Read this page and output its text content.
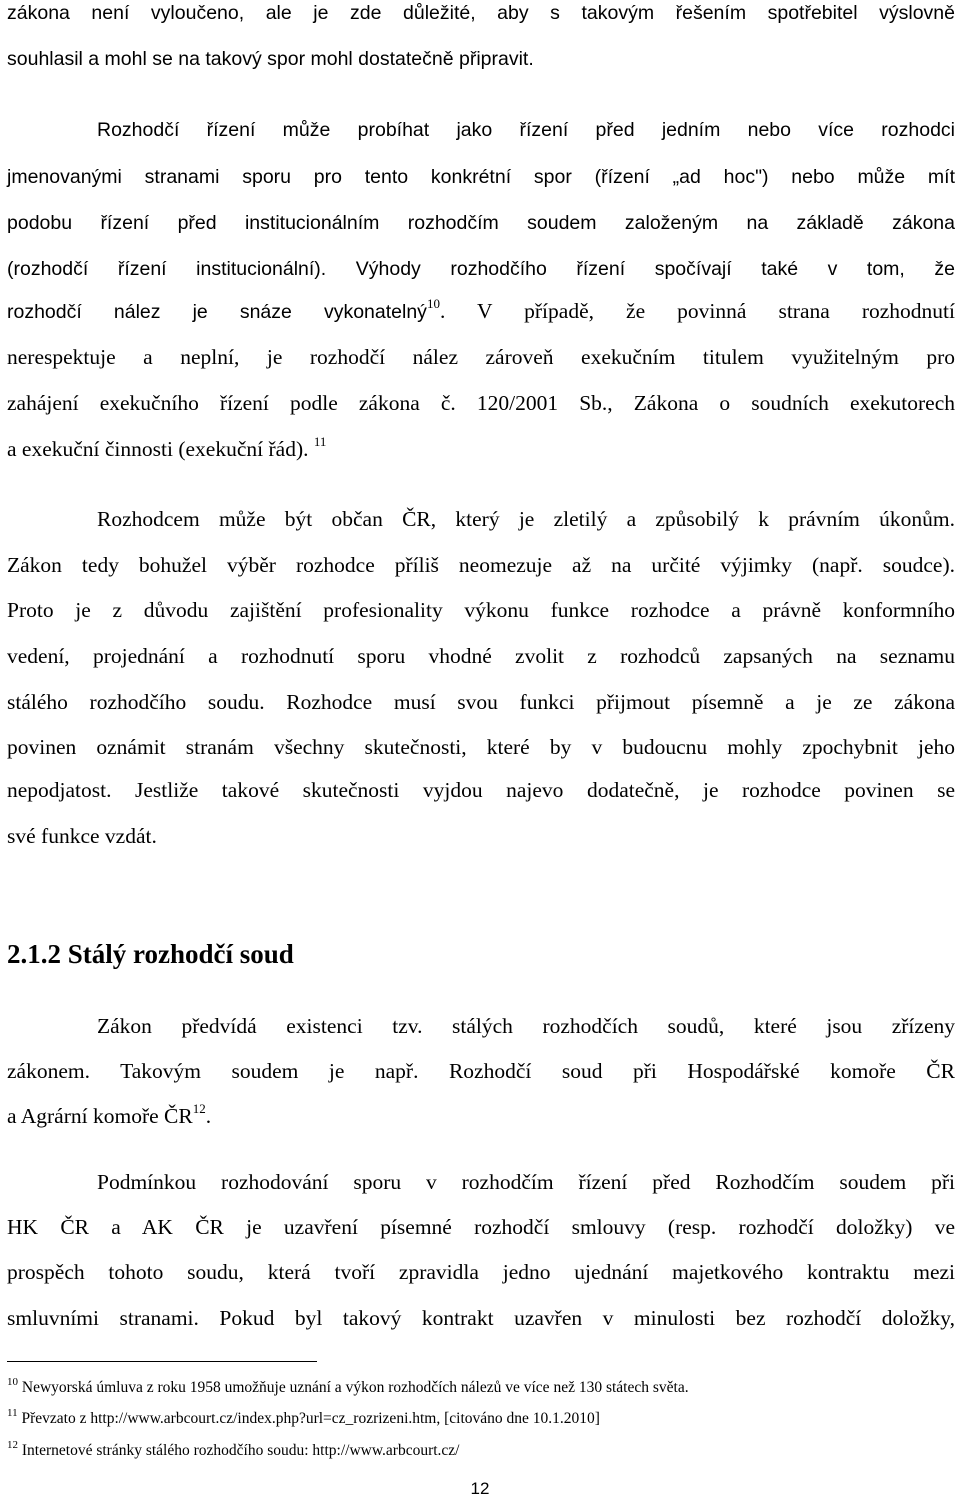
zákona není vyloučeno, ale je zde důležité, aby s takovým řešením spotřebitel výslovně
souhlasil a mohl se na takový spor mohl dostatečně připravit.
Rozhodčí řízení může probíhat jako řízení před jedním nebo více rozhodci
jmenovanými stranami sporu pro tento konkrétní spor (řízení „ad hoc") nebo může mít
podobu řízení před institucionálním rozhodčím soudem založeným na základě zákona
(rozhodčí řízení institucionální). Výhody rozhodčího řízení spočívají také v tom, že
rozhodčí nález je snáze vykonatelný$^{10}$. V případě, že povinná strana rozhodnutí
nerespektuje a neplní, je rozhodčí nález zároveň exekučním titulem využitelným pro
zahájení exekučního řízení podle zákona č. 120/2001 Sb., Zákona o soudních exekutorech
a exekuční činnosti (exekuční řád). $^{11}$
Rozhodcem může být občan ČR, který je zletilý a způsobilý k právním úkonům.
Zákon tedy bohužel výběr rozhodce příliš neomezuje až na určité výjimky (např. soudce).
Proto je z důvodu zajištění profesionality výkonu funkce rozhodce a právně konformního
vedení, projednání a rozhodnutí sporu vhodné zvolit z rozhodců zapsaných na seznamu
stálého rozhodčího soudu. Rozhodce musí svou funkci přijmout písemně a je ze zákona
povinen oznámit stranám všechny skutečnosti, které by v budoucnu mohly zpochybnit jeho
nepodjatost. Jestliže takové skutečnosti vyjdou najevo dodatečně, je rozhodce povinen se
své funkce vzdát.
2.1.2 Stálý rozhodčí soud
Zákon předvídá existenci tzv. stálých rozhodčích soudů, které jsou zřízeny
zákonem. Takovým soudem je např. Rozhodčí soud při Hospodářské komoře ČR
a Agrární komoře ČR$^{12}$.
Podmínkou rozhodování sporu v rozhodčím řízení před Rozhodčím soudem při
HK ČR a AK ČR je uzavření písemné rozhodčí smlouvy (resp. rozhodčí doložky) ve
prospěch tohoto soudu, která tvoří zpravidla jedno ujednání majetkového kontraktu mezi
smluvními stranami. Pokud byl takový kontrakt uzavřen v minulosti bez rozhodčí doložky,
$^{10}$ Newyorská úmluva z roku 1958 umožňuje uznání a výkon rozhodčích nálezů ve více než 130 státech světa.
$^{11}$ Převzato z http://www.arbcourt.cz/index.php?url=cz_rozrizeni.htm, [citováno dne 10.1.2010]
$^{12}$ Internetové stránky stálého rozhodčího soudu: http://www.arbcourt.cz/
12
